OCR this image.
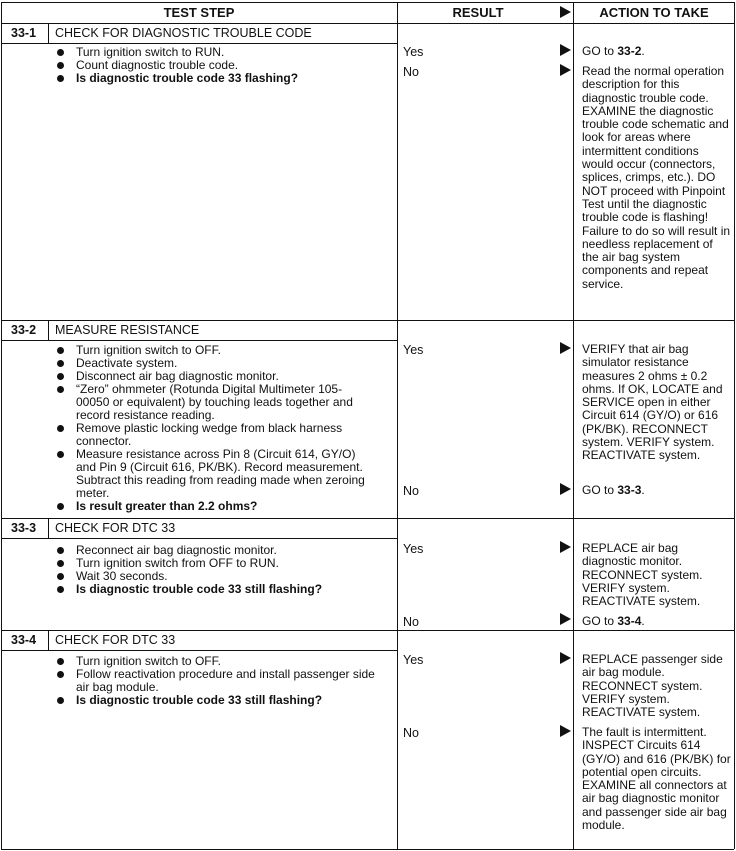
TEST STEP	RESULT	ACTION TO TAKE
33-1 CHECK FOR DIAGNOSTIC TROUBLE CODE
Turn ignition switch to RUN.
Count diagnostic trouble code.
Is diagnostic trouble code 33 flashing?
Yes	GO to 33-2.
No	Read the normal operation description for this diagnostic trouble code. EXAMINE the diagnostic trouble code schematic and look for areas where intermittent conditions would occur (connectors, splices, crimps, etc.). DO NOT proceed with Pinpoint Test until the diagnostic trouble code is flashing! Failure to do so will result in needless replacement of the air bag system components and repeat service.
33-2 MEASURE RESISTANCE
Turn ignition switch to OFF.
Deactivate system.
Disconnect air bag diagnostic monitor.
“Zero” ohmmeter (Rotunda Digital Multimeter 105-00050 or equivalent) by touching leads together and record resistance reading.
Remove plastic locking wedge from black harness connector.
Measure resistance across Pin 8 (Circuit 614, GY/O) and Pin 9 (Circuit 616, PK/BK). Record measurement. Subtract this reading from reading made when zeroing meter.
Is result greater than 2.2 ohms?
Yes	VERIFY that air bag simulator resistance measures 2 ohms ± 0.2 ohms. If OK, LOCATE and SERVICE open in either Circuit 614 (GY/O) or 616 (PK/BK). RECONNECT system. VERIFY system. REACTIVATE system.
No	GO to 33-3.
33-3 CHECK FOR DTC 33
Reconnect air bag diagnostic monitor.
Turn ignition switch from OFF to RUN.
Wait 30 seconds.
Is diagnostic trouble code 33 still flashing?
Yes	REPLACE air bag diagnostic monitor. RECONNECT system. VERIFY system. REACTIVATE system.
No	GO to 33-4.
33-4 CHECK FOR DTC 33
Turn ignition switch to OFF.
Follow reactivation procedure and install passenger side air bag module.
Is diagnostic trouble code 33 still flashing?
Yes	REPLACE passenger side air bag module. RECONNECT system. VERIFY system. REACTIVATE system.
No	The fault is intermittent. INSPECT Circuits 614 (GY/O) and 616 (PK/BK) for potential open circuits. EXAMINE all connectors at air bag diagnostic monitor and passenger side air bag module.
